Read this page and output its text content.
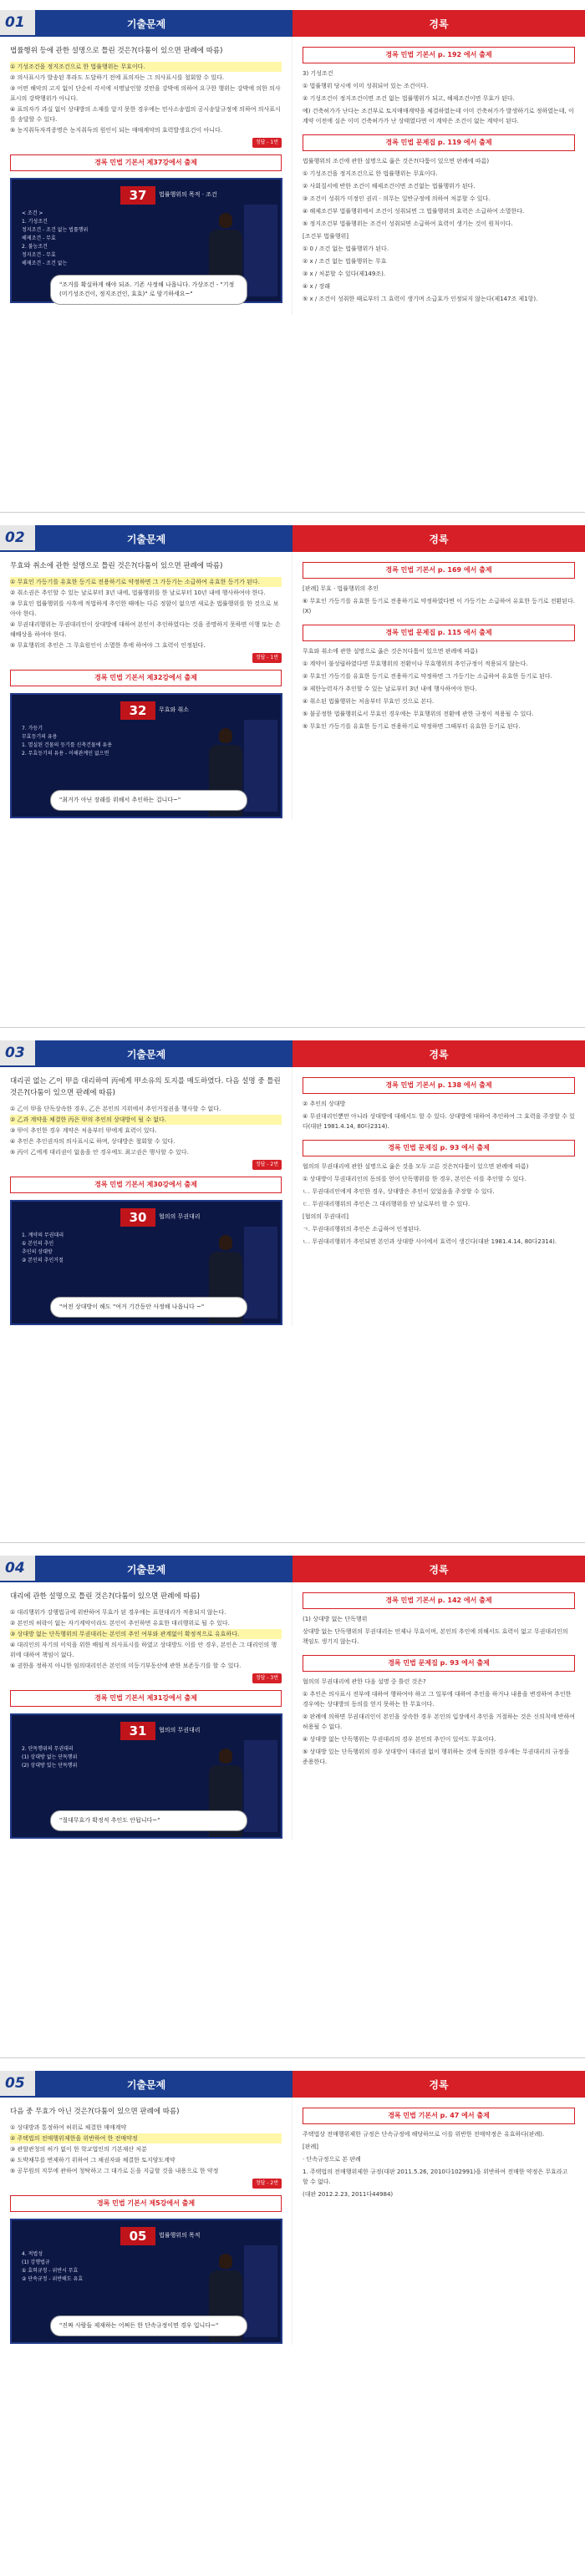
01	기출문제	경록
법률행위 등에 관한 설명으로 틀린 것은?(다툼이 있으면 판례에 따름)
① 기성조건을 정지조건으로 한 법률행위는 무효이다.
② 의사표시가 발송된 후라도 도달하기 전에 표의자는 그 의사표시를 철회할 수 있다.
③ 어떤 해악의 고지 없이 단순히 각서에 서명날인할 것만을 강박에 의하여 요구한 행위는 강박에 의한 의사표시의 강박행위가 아니다.
④ 표의자가 과실 없이 상대방의 소재를 알지 못한 경우에는 민사소송법의 공시송달규정에 의하여 의사표시를 송달할 수 있다.
⑤ 농지취득자격증명은 농지취득의 원인이 되는 매매계약의 효력발생요건이 아니다.
정답 - 1번
경록 민법 기본서 제37강에서 출제
37	법률행위의 목적 · 조건
< 조건 >
1. 기성조건
정지조건 - 조건 없는 법률행위
해제조건 - 무효
2. 불능조건
정지조건 - 무효
해제조건 - 조건 없는
"조거를 확실하게 해야 되죠. 기존 사정해 나옵니다. 가상조건 - "기정(미기성조건이, 정지조건인, 효효)" 로 암기하세요~"
경록 민법 기본서 p. 192 에서 출제
3) 기성조건
① 법률행위 당시에 이미 성취되어 있는 조건이다.
② 기성조건이 정지조건이면 조건 없는 법률행위가 되고, 해제조건이면 무효가 된다.
예) 건축허가가 난다는 조건부로 토지매매계약을 체결하였는데 이미 건축허가가 발생하기로 정하였는데, 이 계약 이전에 실은 이미 건축허가가 난 상태였다면 이 계약은 조건이 없는 계약이 된다.
경록 민법 문제집 p. 119 에서 출제
법률행위의 조건에 관한 설명으로 옳은 것은?(다툼이 있으면 판례에 따름)
① 기성조건을 정지조건으로 한 법률행위는 무효이다.
② 사회질서에 반한 조건이 해제조건이면 조건없는 법률행위가 된다.
③ 조건이 성취가 미정인 권리 · 의무는 일반규정에 의하여 처분할 수 있다.
④ 해제조건부 법률행위에서 조건이 성취되면 그 법률행위의 효력은 소급하여 소멸한다.
⑤ 정지조건부 법률행위는 조건이 성취되면 소급하여 효력이 생기는 것이 원칙이다.
[조건부 법률행위]
① 0 / 조건 없는 법률행위가 된다.
② x / 조건 없는 법률행위는 무효
③ x / 처분할 수 있다(제149조).
④ x / 장래
⑤ x / 조건이 성취한 때로부터 그 효력이 생기며 소급효가 인정되지 않는다(제147조 제1항).
02	기출문제	경록
무효와 취소에 관한 설명으로 틀린 것은?(다툼이 있으면 판례에 따름)
① 무효인 가등기를 유효한 등기로 전용하기로 약정하면 그 가등기는 소급하여 유효한 등기가 된다.
② 취소권은 추인할 수 있는 날로부터 3년 내에, 법률행위를 한 날로부터 10년 내에 행사하여야 한다.
③ 무효인 법률행위를 사후에 적법하게 추인한 때에는 다른 정함이 없으면 새로운 법률행위를 한 것으로 보아야 한다.
④ 무권대리행위는 무권대리인이 상대방에 대하여 본인이 추인하였다는 것을 증명하지 못하면 이행 또는 손해배상을 하여야 한다.
⑤ 무효행위의 추인은 그 무효원인이 소멸한 후에 하여야 그 효력이 인정된다.
정답 - 1번
경록 민법 기본서 제32강에서 출제
32	무효와 취소
7. 가등기
무효등기의 유용
1. 멸실된 건물의 등기를 신축건물에 유용
2. 무효등기의 유용 - 이해관계인 없으면
"최거가 아닌 장래를 위해서 추인하는 겁니다~"
경록 민법 기본서 p. 169 에서 출제
[판례] 무효 · 법률행위의 추인
⑥ 무효인 가등기를 유효한 등기로 전용하기로 약정하였다면 이 가등기는 소급하여 유효한 등기로 전환된다.(X)
경록 민법 문제집 p. 115 에서 출제
무효와 취소에 관한 설명으로 옳은 것은?(다툼이 있으면 판례에 따름)
① 계약이 불성립하였다면 무효행위의 전환이나 무효행위의 추인규정이 적용되지 않는다.
② 무효인 가등기를 유효한 등기로 전용하기로 약정하면 그 가등기는 소급하여 유효한 등기로 된다.
③ 제한능력자가 추인할 수 있는 날로부터 3년 내에 행사하여야 한다.
④ 취소된 법률행위는 처음부터 무효인 것으로 본다.
⑤ 불공정한 법률행위로서 무효인 경우에는 무효행위의 전환에 관한 규정이 적용될 수 있다.
⑤ 무효인 가등기를 유효한 등기로 전용하기로 약정하면 그때부터 유효한 등기로 된다.
03	기출문제	경록
대리권 없는 乙이 甲을 대리하여 丙에게 甲소유의 토지를 매도하였다. 다음 설명 중 틀린 것은?(다툼이 있으면 판례에 따름)
① 乙이 甲을 단독상속한 경우, 乙은 본인의 지위에서 추인거절권을 행사할 수 없다.
② 乙과 계약을 체결한 丙은 甲의 추인의 상대방이 될 수 없다.
③ 甲이 추인한 경우 계약은 처음부터 甲에게 효력이 있다.
④ 추인은 추인권자의 의사표시로 하며, 상대방은 철회할 수 있다.
⑤ 丙이 乙에게 대리권이 없음을 안 경우에도 최고권은 행사할 수 있다.
정답 - 2번
경록 민법 기본서 제30강에서 출제
30	협의의 무권대리
1. 계약의 무권대리
① 본인의 추인
추인의 상대방
② 본인의 추인거절
"여전 상대방이 해도 "여거 기간동안 사정해 나옵니다 ~"
경록 민법 기본서 p. 138 에서 출제
② 추인의 상대방
④ 무권대리인뿐만 아니라 상대방에 대해서도 할 수 있다. 상대방에 대하여 추인하여 그 효력을 주장할 수 있다(대판 1981.4.14, 80다2314).
경록 민법 문제집 p. 93 에서 출제
협의의 무권대리에 관한 설명으로 옳은 것을 모두 고른 것은?(다툼이 있으면 판례에 따름)
① 상대방이 무권대리인의 동의를 얻어 단독행위를 한 경우, 본인은 이를 추인할 수 있다.
ㄴ. 무권대리인에게 추인한 경우, 상대방은 추인이 있었음을 주장할 수 있다.
ㄷ. 무권대리행위의 추인은 그 대리행위를 안 날로부터 할 수 있다.
[협의의 무권대리]
ㄱ. 무권대리행위의 추인은 소급하여 인정된다.
ㄴ. 무권대리행위가 추인되면 본인과 상대방 사이에서 효력이 생긴다(대판 1981.4.14, 80다2314).
04	기출문제	경록
대리에 관한 설명으로 틀린 것은?(다툼이 있으면 판례에 따름)
① 대리행위가 강행법규에 위반하여 무효가 된 경우에는 표현대리가 적용되지 않는다.
② 본인의 허락이 없는 자기계약이라도 본인이 추인하면 유효한 대리행위로 될 수 있다.
③ 상대방 없는 단독행위의 무권대리는 본인의 추인 여부와 관계없이 확정적으로 유효하다.
④ 대리인의 자기의 이익을 위한 배임적 의사표시를 하였고 상대방도 이를 안 경우, 본인은 그 대리인의 행위에 대하여 책임이 없다.
⑤ 권한을 정하지 아니한 임의대리인은 본인의 미등기부동산에 관한 보존등기를 할 수 있다.
정답 - 3번
경록 민법 기본서 제31강에서 출제
31	협의의 무권대리
2. 단독행위의 무권대리
(1) 상대방 없는 단독행위
(2) 상대방 있는 단독행위
"절대무효가 확정적 추인도 안됩니다~"
경록 민법 기본서 p. 142 에서 출제
(1) 상대방 없는 단독행위
상대방 없는 단독행위의 무권대리는 언제나 무효이며, 본인의 추인에 의해서도 효력이 없고 무권대리인의 책임도 생기지 않는다.
경록 민법 문제집 p. 93 에서 출제
협의의 무권대리에 관한 다음 설명 중 틀린 것은?
① 추인은 의사표시 전부에 대하여 행하여야 하고 그 일부에 대하여 추인을 하거나 내용을 변경하여 추인한 경우에는 상대방의 동의를 얻지 못하는 한 무효이다.
② 판례에 의하면 무권대리인이 본인을 상속한 경우 본인의 입장에서 추인을 거절하는 것은 신의칙에 반하여 허용될 수 없다.
④ 상대방 없는 단독행위는 무권대리의 경우 본인의 추인이 있어도 무효이다.
⑤ 상대방 있는 단독행위의 경우 상대방이 대리권 없이 행위하는 것에 동의한 경우에는 무권대리의 규정을 준용한다.
05	기출문제	경록
다음 중 무효가 아닌 것은?(다툼이 있으면 판례에 따름)
① 상대방과 통정하여 허위로 체결한 매매계약
② 주택법의 전매행위제한을 위반하여 한 전매약정
③ 관할관청의 허가 없이 한 학교법인의 기본재산 처분
④ 도박채무를 변제하기 위하여 그 채권자와 체결한 토지양도계약
⑤ 공무원의 직무에 관하여 청탁하고 그 대가로 돈을 지급할 것을 내용으로 한 약정
정답 - 2번
경록 민법 기본서 제5강에서 출제
05	법률행위의 목적
4. 적법성
(1) 강행법규
① 효력규정 - 위반시 무효
② 단속규정 - 위반해도 유효
"진짜 사람들 제재하는 어쩌든 한 단속규정이면 경우 입니다~"
경록 민법 기본서 p. 47 에서 출제
주택법상 전매행위제한 규정은 단속규정에 해당하므로 이를 위반한 전매약정은 유효하다(판례).
[판례]
· 단속규정으로 본 판례
1. 주택법의 전매행위제한 규정(대판 2011.5.26, 2010다102991)을 위반하여 전매한 약정은 무효라고 할 수 없다.
(대판 2012.2.23, 2011다44984)
